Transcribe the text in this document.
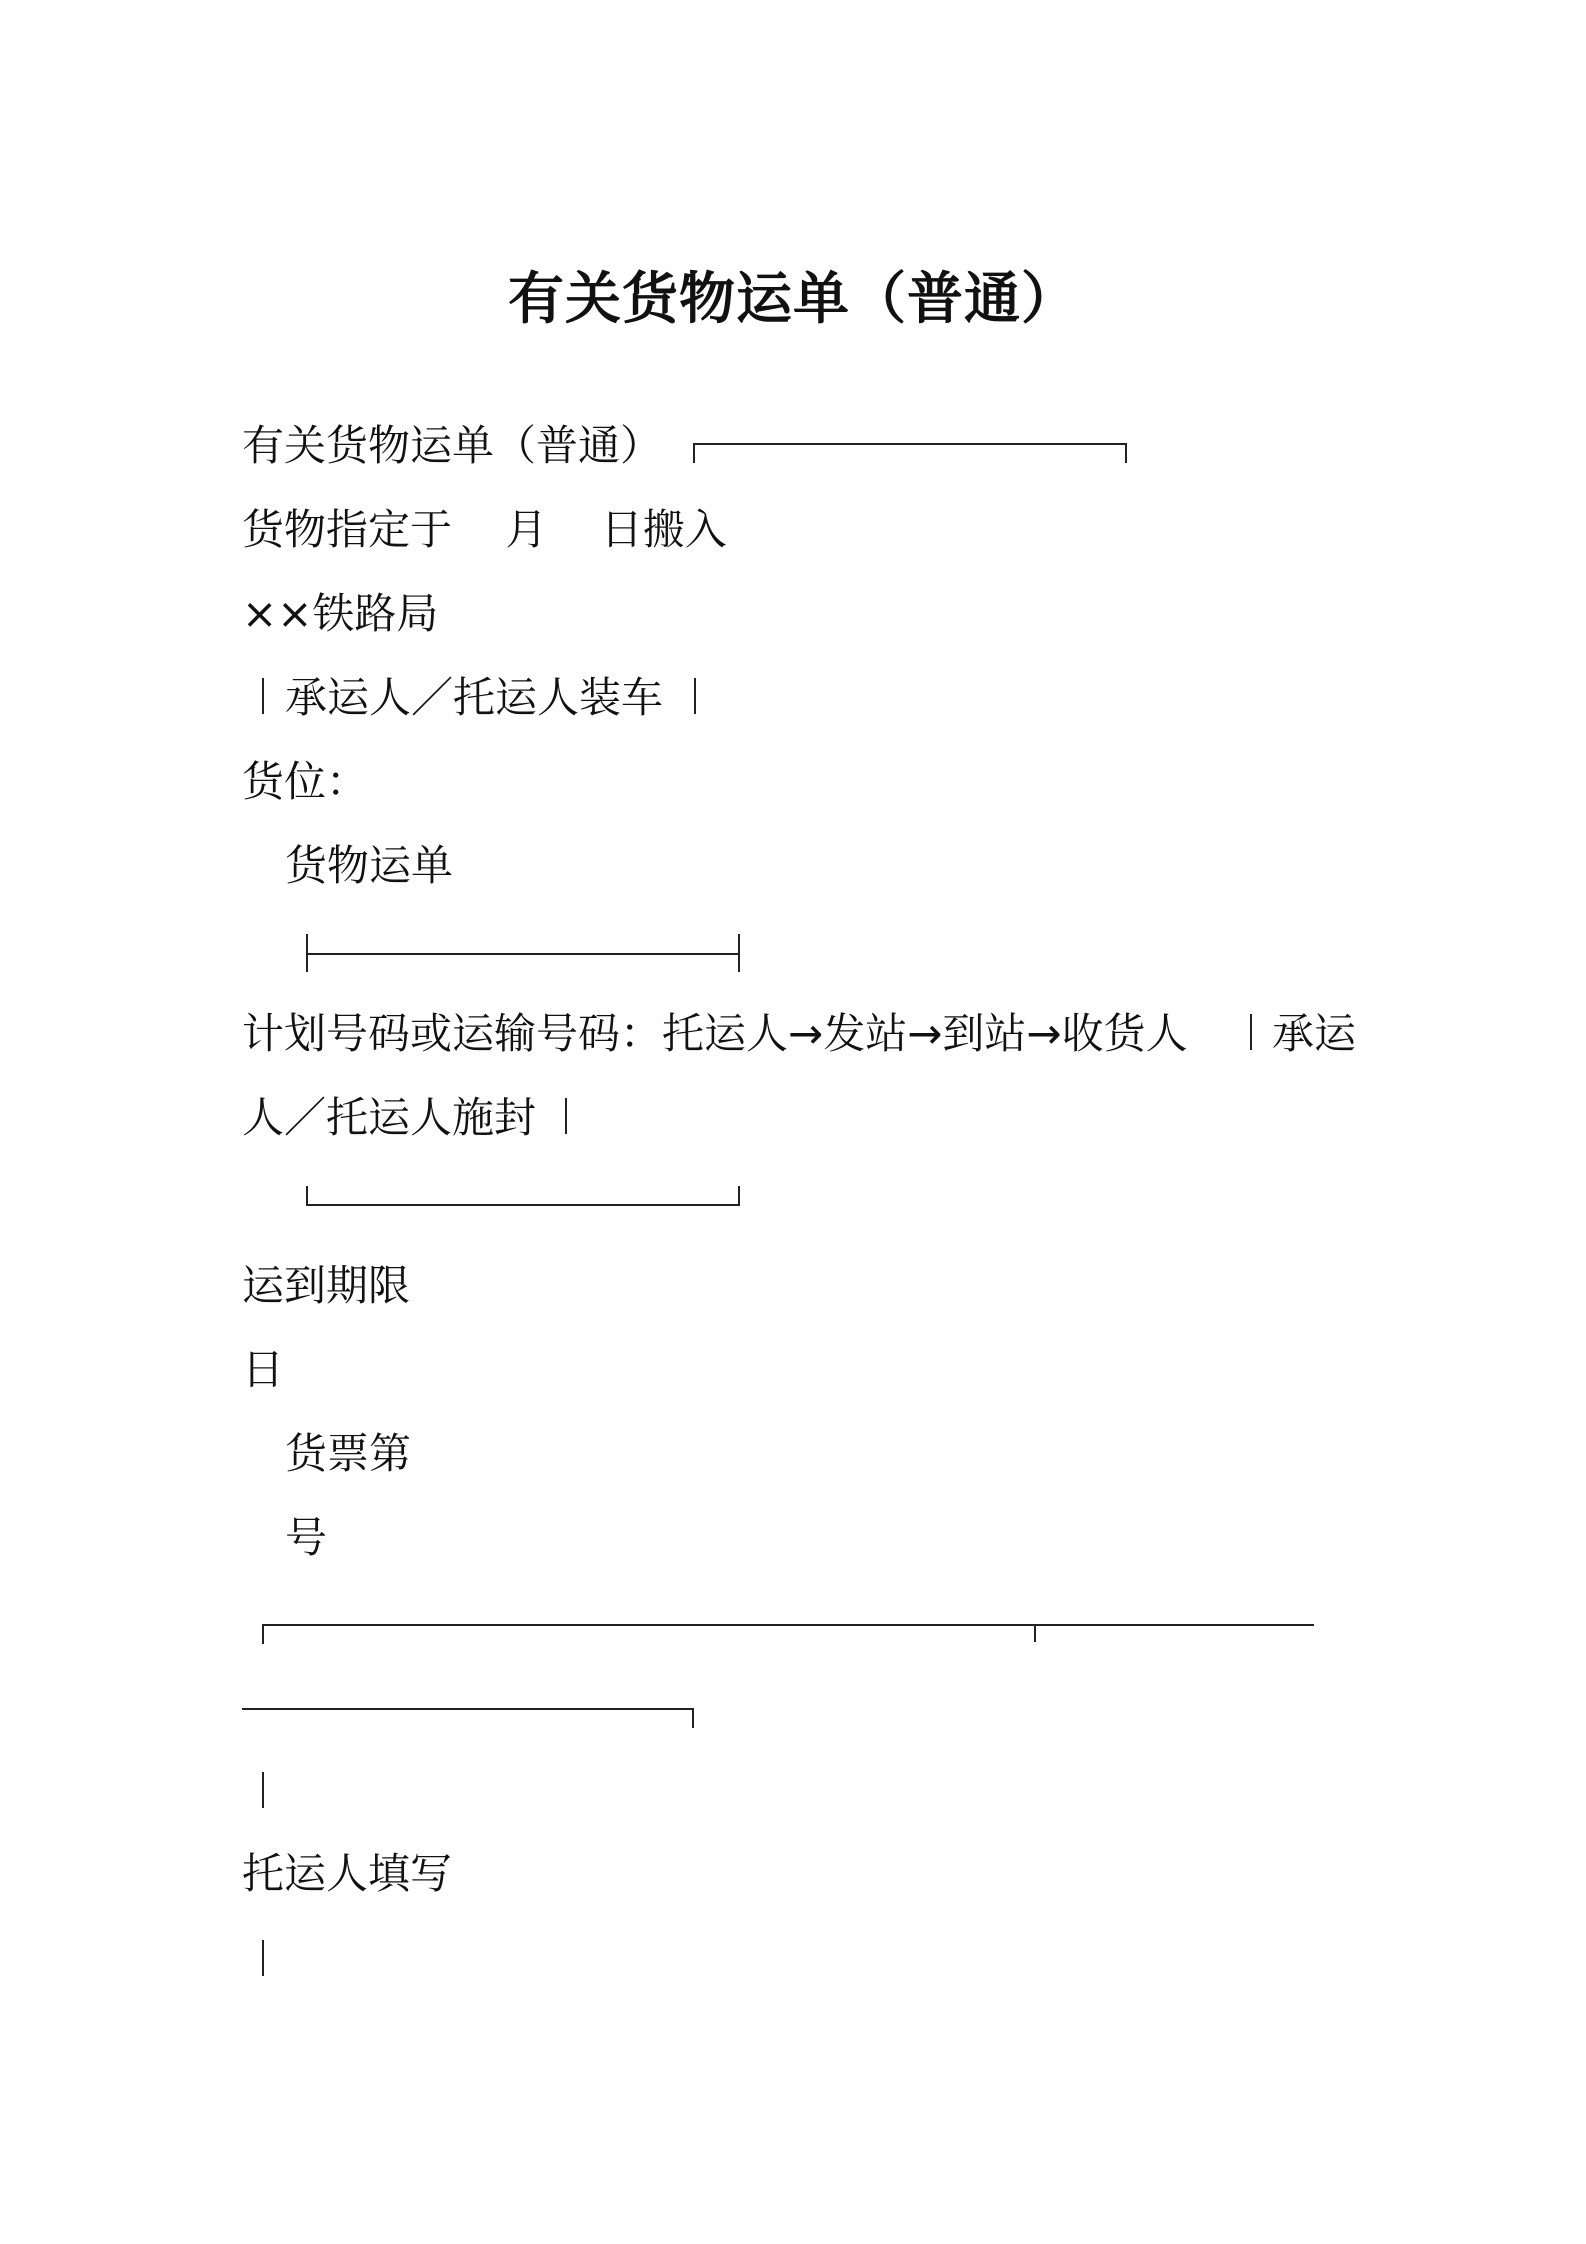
有关货物运单（普通）
有关货物运单（普通）
货物指定于    月    日搬入
××铁路局
承运人／托运人装车
货位：
货物运单
计划号码或运输号码：托运人→发站→到站→收货人 承运
人／托运人施封
运到期限
日
货票第
号
托运人填写
